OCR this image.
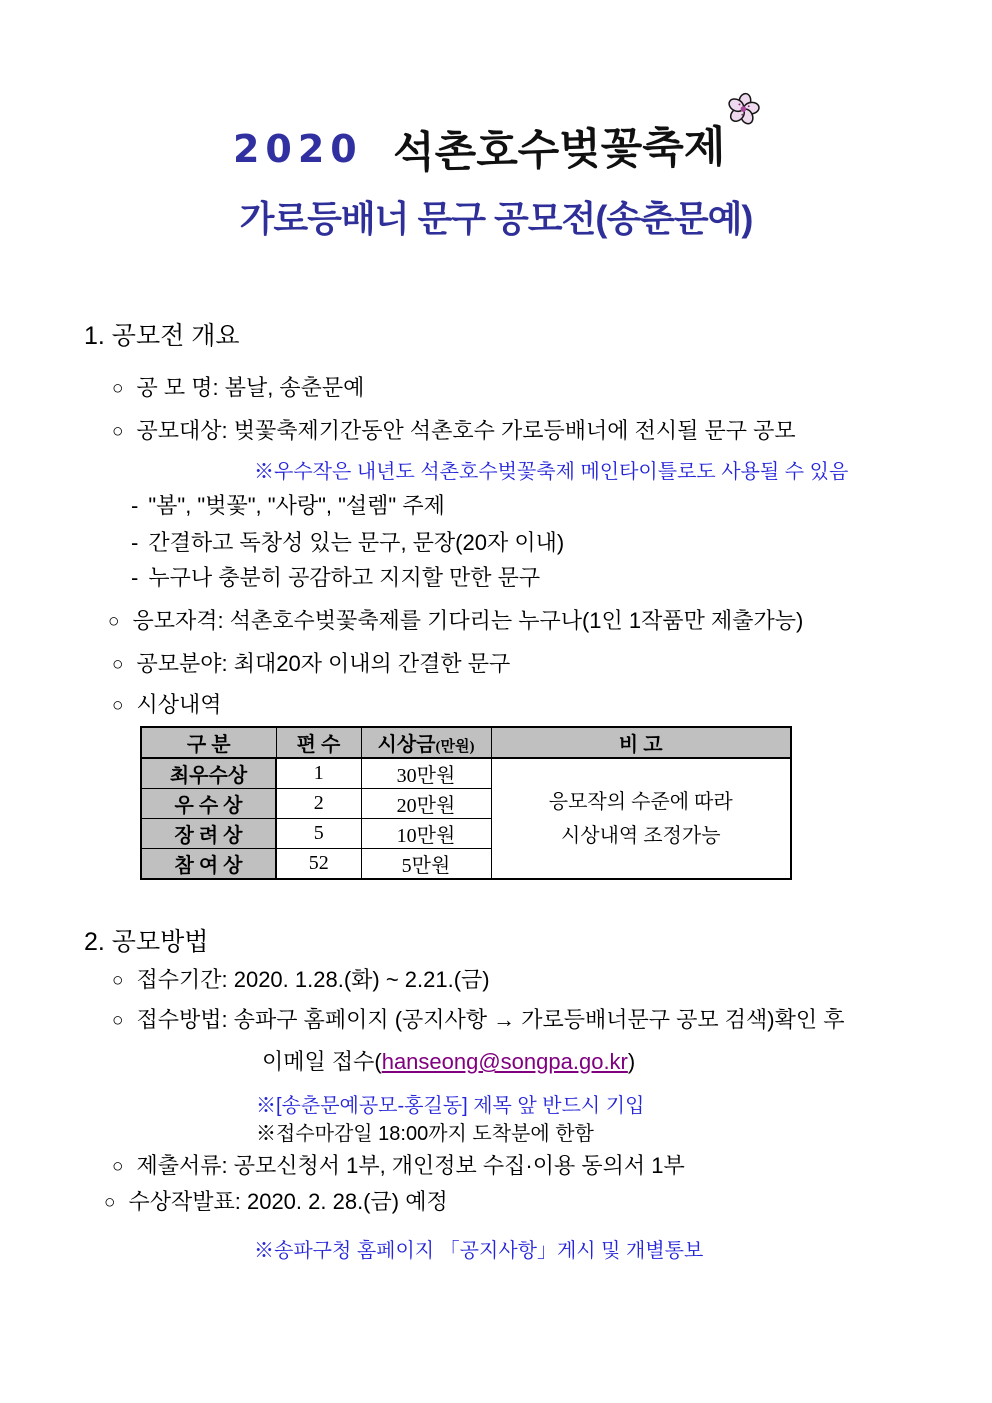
2020 석촌호수벚꽃축제
가로등배너 문구 공모전(송춘문예)
1. 공모전 개요
○ 공 모 명: 봄날, 송춘문예
○ 공모대상: 벚꽃축제기간동안 석촌호수 가로등배너에 전시될 문구 공모
※우수작은 내년도 석촌호수벚꽃축제 메인타이틀로도 사용될 수 있음
- "봄", "벚꽃", "사랑", "설렘" 주제
- 간결하고 독창성 있는 문구, 문장(20자 이내)
- 누구나 충분히 공감하고 지지할 만한 문구
○ 응모자격: 석촌호수벚꽃축제를 기다리는 누구나(1인 1작품만 제출가능)
○ 공모분야: 최대20자 이내의 간결한 문구
○ 시상내역
구 분	편 수	시상금(만원)	비 고
최우수상	1	30만원	응모작의 수준에 따라
시상내역 조정가능

우 수 상	2	20만원	
장 려 상	5	10만원	
참 여 상	52	5만원	
2. 공모방법
○ 접수기간: 2020. 1.28.(화) ~ 2.21.(금)
○ 접수방법: 송파구 홈페이지 (공지사항 → 가로등배너문구 공모 검색)확인 후
이메일 접수(hanseong@songpa.go.kr)
※[송춘문예공모-홍길동] 제목 앞 반드시 기입
※접수마감일 18:00까지 도착분에 한함
○ 제출서류: 공모신청서 1부, 개인정보 수집·이용 동의서 1부
○ 수상작발표: 2020. 2. 28.(금) 예정
※송파구청 홈페이지 「공지사항」게시 및 개별통보
